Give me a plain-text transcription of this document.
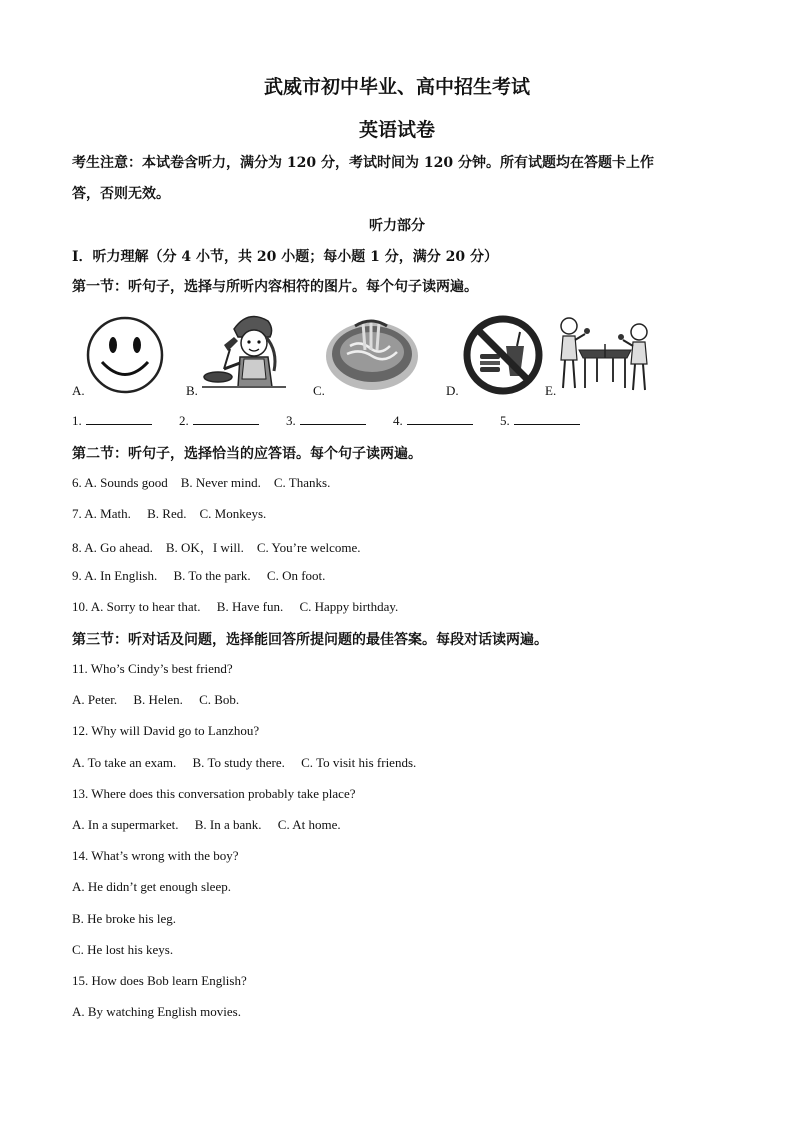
武威市初中毕业、高中招生考试
英语试卷
考生注意：本试卷含听力，满分为 120 分，考试时间为 120 分钟。所有试题均在答题卡上作
答，否则无效。
听力部分
Ⅰ．听力理解（分 4 小节，共 20 小题；每小题 1 分，满分 20 分）
第一节：听句子，选择与所听内容相符的图片。每个句子读两遍。
A.	B.	C.	D.	E.
1.	2.	3.	4.	5.
第二节：听句子，选择恰当的应答语。每个句子读两遍。
6. A. Sounds good    B. Never mind.    C. Thanks.
7. A. Math.     B. Red.    C. Monkeys.
8. A. Go ahead.    B. OK，I will.    C. You’re welcome.
9. A. In English.     B. To the park.     C. On foot.
10. A. Sorry to hear that.     B. Have fun.     C. Happy birthday.
第三节：听对话及问题，选择能回答所提问题的最佳答案。每段对话读两遍。
11. Who’s Cindy’s best friend?
A. Peter.     B. Helen.     C. Bob.
12. Why will David go to Lanzhou?
A. To take an exam.     B. To study there.     C. To visit his friends.
13. Where does this conversation probably take place?
A. In a supermarket.     B. In a bank.     C. At home.
14. What’s wrong with the boy?
A. He didn’t get enough sleep.
B. He broke his leg.
C. He lost his keys.
15. How does Bob learn English?
A. By watching English movies.
